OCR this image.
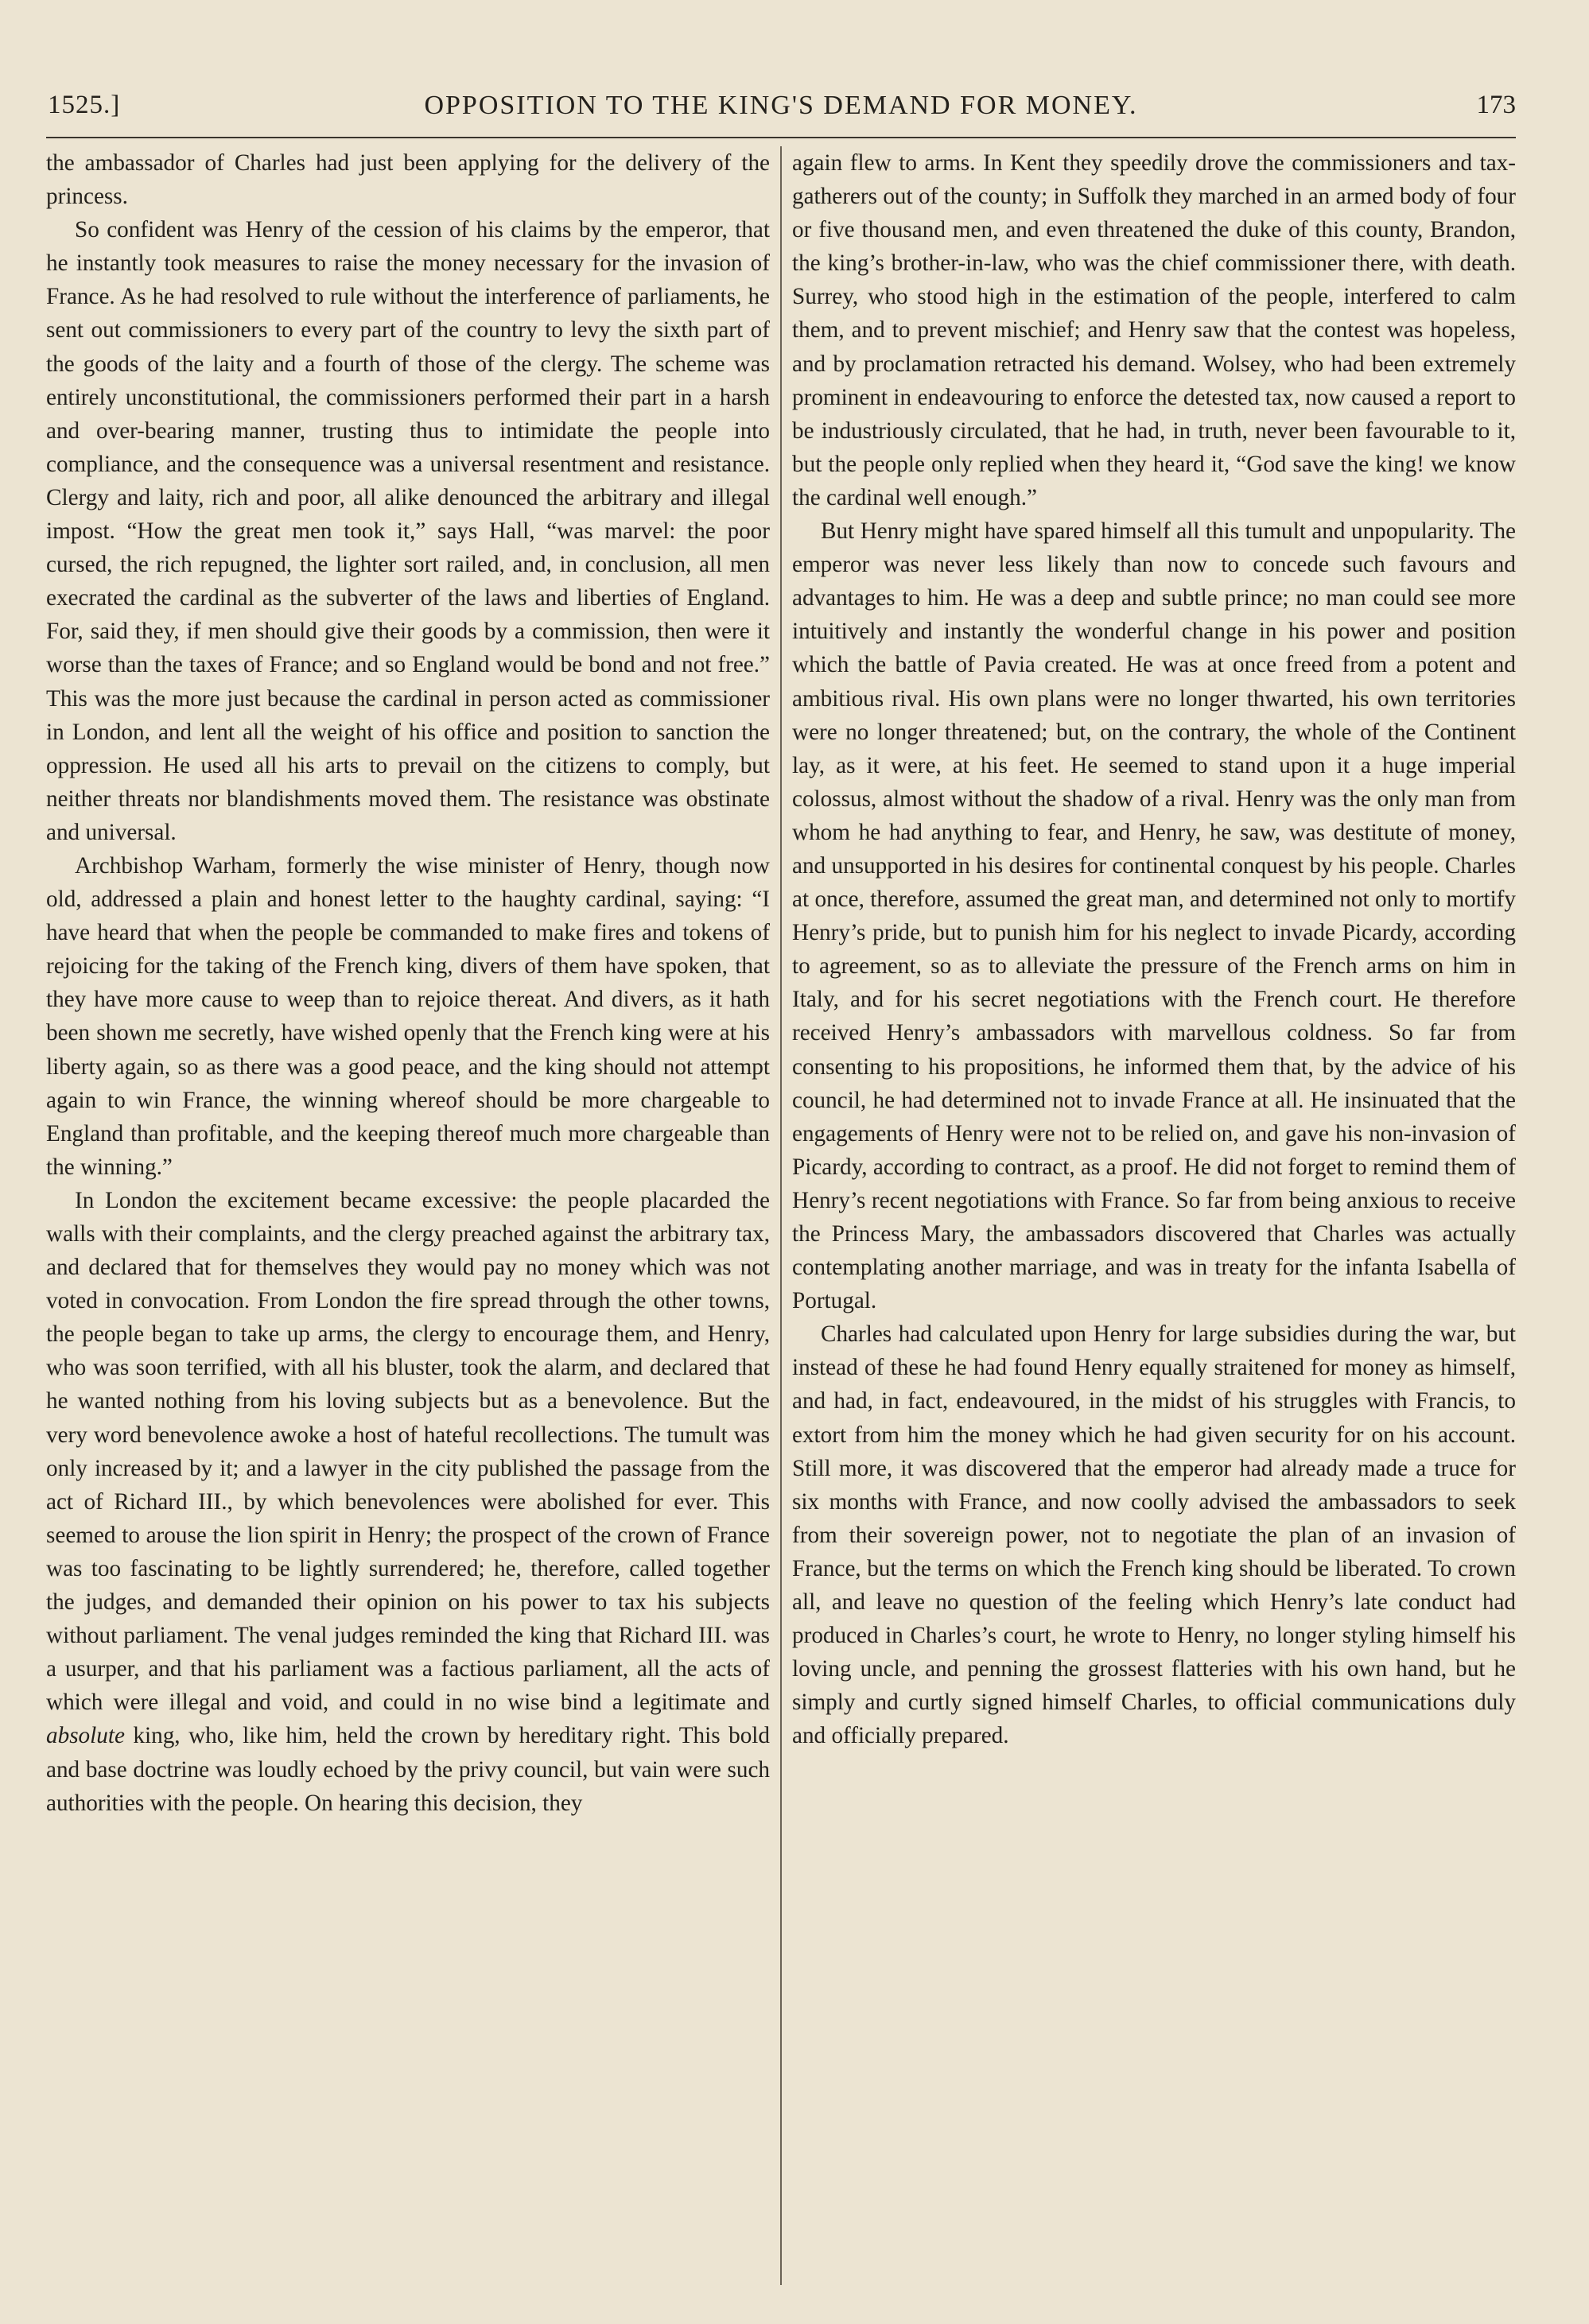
1525.]	OPPOSITION TO THE KING'S DEMAND FOR MONEY.	173

the ambassador of Charles had just been applying for the delivery of the princess.

So confident was Henry of the cession of his claims by the emperor, that he instantly took measures to raise the money necessary for the invasion of France. As he had resolved to rule without the interference of parliaments, he sent out commissioners to every part of the country to levy the sixth part of the goods of the laity and a fourth of those of the clergy. The scheme was entirely unconstitutional, the commissioners performed their part in a harsh and over-bearing manner, trusting thus to intimidate the people into compliance, and the consequence was a universal resentment and resistance. Clergy and laity, rich and poor, all alike denounced the arbitrary and illegal impost. “How the great men took it,” says Hall, “was marvel: the poor cursed, the rich repugned, the lighter sort railed, and, in conclusion, all men execrated the cardinal as the subverter of the laws and liberties of England. For, said they, if men should give their goods by a commission, then were it worse than the taxes of France; and so England would be bond and not free.” This was the more just because the cardinal in person acted as commissioner in London, and lent all the weight of his office and position to sanction the oppression. He used all his arts to prevail on the citizens to comply, but neither threats nor blandishments moved them. The resistance was obstinate and universal.

Archbishop Warham, formerly the wise minister of Henry, though now old, addressed a plain and honest letter to the haughty cardinal, saying: “I have heard that when the people be commanded to make fires and tokens of rejoicing for the taking of the French king, divers of them have spoken, that they have more cause to weep than to rejoice thereat. And divers, as it hath been shown me secretly, have wished openly that the French king were at his liberty again, so as there was a good peace, and the king should not attempt again to win France, the winning whereof should be more chargeable to England than profitable, and the keeping thereof much more chargeable than the winning.”

In London the excitement became excessive: the people placarded the walls with their complaints, and the clergy preached against the arbitrary tax, and declared that for themselves they would pay no money which was not voted in convocation. From London the fire spread through the other towns, the people began to take up arms, the clergy to encourage them, and Henry, who was soon terrified, with all his bluster, took the alarm, and declared that he wanted nothing from his loving subjects but as a benevolence. But the very word benevolence awoke a host of hateful recollections. The tumult was only increased by it; and a lawyer in the city published the passage from the act of Richard III., by which benevolences were abolished for ever. This seemed to arouse the lion spirit in Henry; the prospect of the crown of France was too fascinating to be lightly surrendered; he, therefore, called together the judges, and demanded their opinion on his power to tax his subjects without parliament. The venal judges reminded the king that Richard III. was a usurper, and that his parliament was a factious parliament, all the acts of which were illegal and void, and could in no wise bind a legitimate and absolute king, who, like him, held the crown by hereditary right. This bold and base doctrine was loudly echoed by the privy council, but vain were such authorities with the people. On hearing this decision, they

again flew to arms. In Kent they speedily drove the commissioners and tax-gatherers out of the county; in Suffolk they marched in an armed body of four or five thousand men, and even threatened the duke of this county, Brandon, the king’s brother-in-law, who was the chief commissioner there, with death. Surrey, who stood high in the estimation of the people, interfered to calm them, and to prevent mischief; and Henry saw that the contest was hopeless, and by proclamation retracted his demand. Wolsey, who had been extremely prominent in endeavouring to enforce the detested tax, now caused a report to be industriously circulated, that he had, in truth, never been favourable to it, but the people only replied when they heard it, “God save the king! we know the cardinal well enough.”

But Henry might have spared himself all this tumult and unpopularity. The emperor was never less likely than now to concede such favours and advantages to him. He was a deep and subtle prince; no man could see more intuitively and instantly the wonderful change in his power and position which the battle of Pavia created. He was at once freed from a potent and ambitious rival. His own plans were no longer thwarted, his own territories were no longer threatened; but, on the contrary, the whole of the Continent lay, as it were, at his feet. He seemed to stand upon it a huge imperial colossus, almost without the shadow of a rival. Henry was the only man from whom he had anything to fear, and Henry, he saw, was destitute of money, and unsupported in his desires for continental conquest by his people. Charles at once, therefore, assumed the great man, and determined not only to mortify Henry’s pride, but to punish him for his neglect to invade Picardy, according to agreement, so as to alleviate the pressure of the French arms on him in Italy, and for his secret negotiations with the French court. He therefore received Henry’s ambassadors with marvellous coldness. So far from consenting to his propositions, he informed them that, by the advice of his council, he had determined not to invade France at all. He insinuated that the engagements of Henry were not to be relied on, and gave his non-invasion of Picardy, according to contract, as a proof. He did not forget to remind them of Henry’s recent negotiations with France. So far from being anxious to receive the Princess Mary, the ambassadors discovered that Charles was actually contemplating another marriage, and was in treaty for the infanta Isabella of Portugal.

Charles had calculated upon Henry for large subsidies during the war, but instead of these he had found Henry equally straitened for money as himself, and had, in fact, endeavoured, in the midst of his struggles with Francis, to extort from him the money which he had given security for on his account. Still more, it was discovered that the emperor had already made a truce for six months with France, and now coolly advised the ambassadors to seek from their sovereign power, not to negotiate the plan of an invasion of France, but the terms on which the French king should be liberated. To crown all, and leave no question of the feeling which Henry’s late conduct had produced in Charles’s court, he wrote to Henry, no longer styling himself his loving uncle, and penning the grossest flatteries with his own hand, but he simply and curtly signed himself Charles, to official communications duly and officially prepared.
